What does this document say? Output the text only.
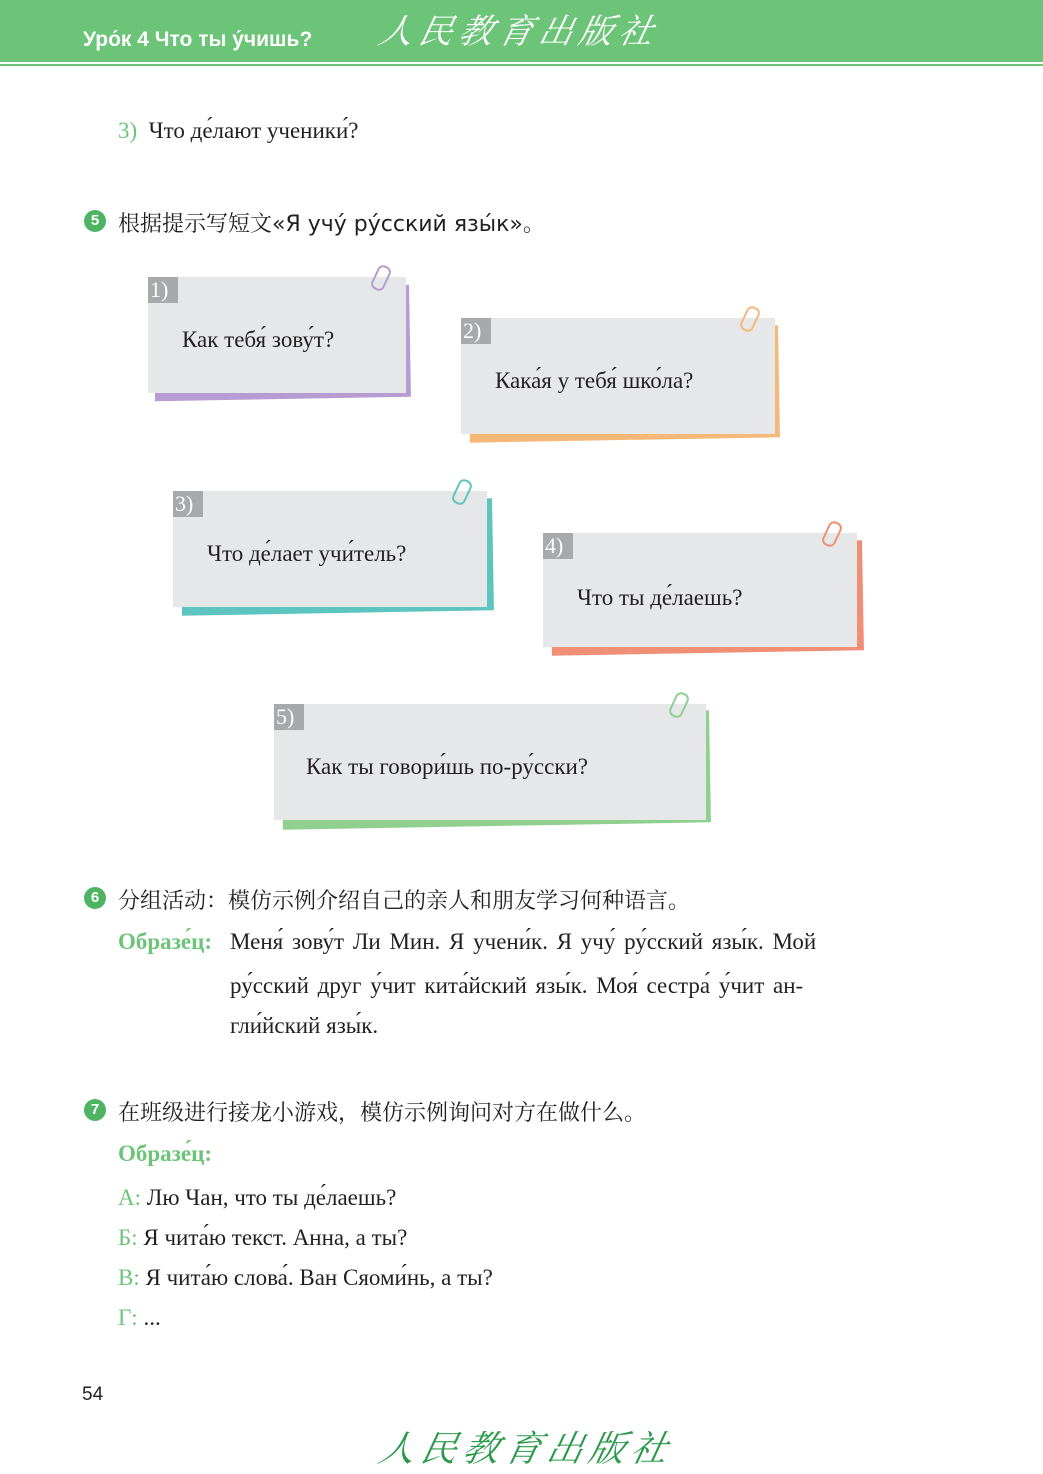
Уро́к 4 Что ты у́чишь? 人民教育出版社
3) Что де́лают ученики́?
5 根据提示写短文«Я учу́ ру́сский язы́к»。
1)
Как тебя́ зову́т?	2)
Кака́я у тебя́ шко́ла?
3)
Что де́лает учи́тель?	4)
Что ты де́лаешь?
5)
Как ты говори́шь по-ру́сски?
6 分组活动：模仿示例介绍自己的亲人和朋友学习何种语言。
Образе́ц: Меня́ зову́т Ли Мин. Я учени́к. Я учу́ ру́сский язы́к. Мой
ру́сский друг у́чит кита́йский язы́к. Моя́ сестра́ у́чит ан-
гли́йский язы́к.
7 在班级进行接龙小游戏，模仿示例询问对方在做什么。
Образе́ц:
А: Лю Чан, что ты де́лаешь?
Б: Я чита́ю текст. Анна, а ты?
В: Я чита́ю слова́. Ван Сяоми́нь, а ты?
Г: ...
54
人民教育出版社
